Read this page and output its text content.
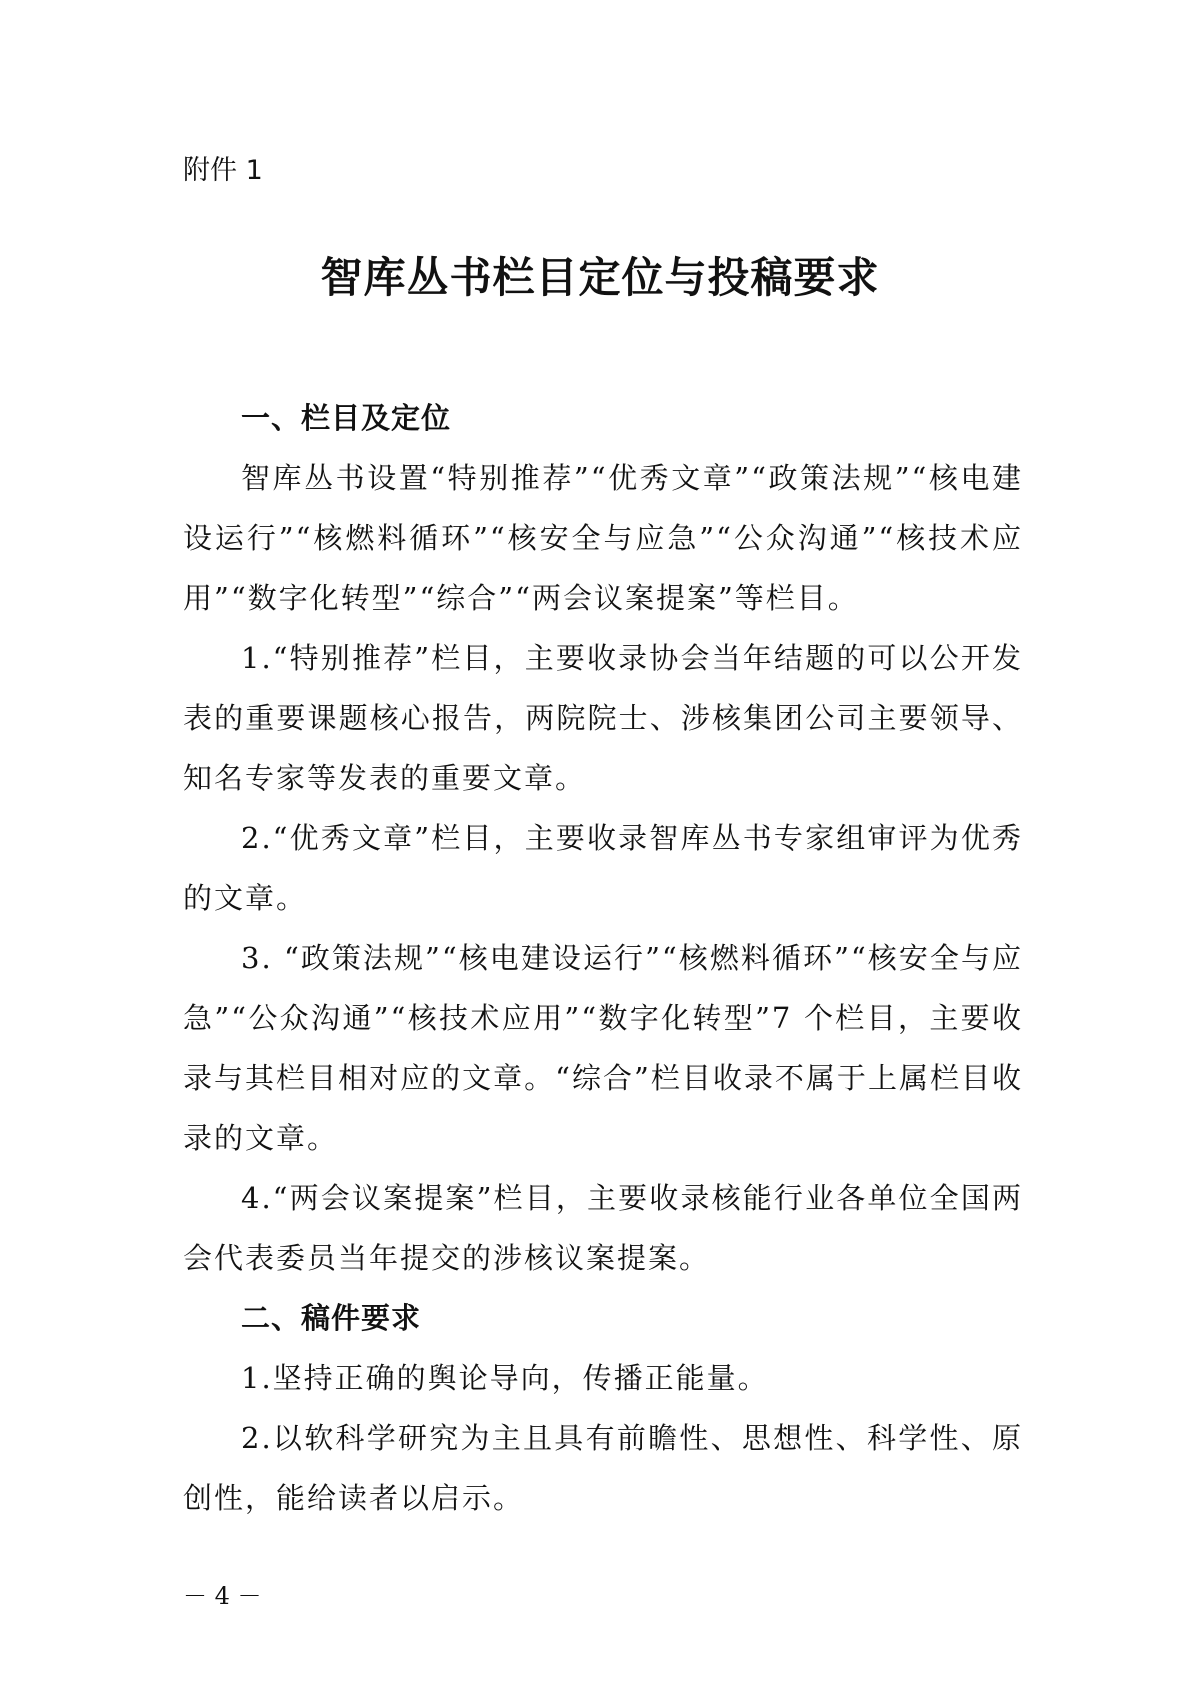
附件 1
智库丛书栏目定位与投稿要求
一、栏目及定位

智库丛书设置“特别推荐”“优秀文章”“政策法规”“核电建设运行”“核燃料循环”“核安全与应急”“公众沟通”“核技术应用”“数字化转型”“综合”“两会议案提案”等栏目。

1.“特别推荐”栏目，主要收录协会当年结题的可以公开发表的重要课题核心报告，两院院士、涉核集团公司主要领导、知名专家等发表的重要文章。

2.“优秀文章”栏目，主要收录智库丛书专家组审评为优秀 的文章。

3. “政策法规”“核电建设运行”“核燃料循环”“核安全与应急”“公众沟通”“核技术应用”“数字化转型”7 个栏目，主要收录与其栏目相对应的文章。“综合”栏目收录不属于上属栏目收录的文章。

4.“两会议案提案”栏目，主要收录核能行业各单位全国两会代表委员当年提交的涉核议案提案。

二、稿件要求

1.坚持正确的舆论导向，传播正能量。

2.以软科学研究为主且具有前瞻性、思想性、科学性、原创性，能给读者以启示。

－ 4 －
